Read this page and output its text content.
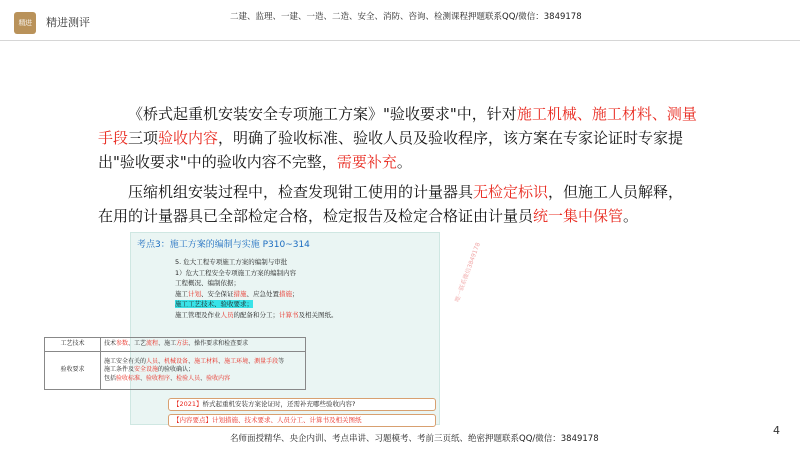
精进 精进测评	二建、监理、一建、一造、二造、安全、消防、咨询、检测课程押题联系QQ/微信：3849178
《桥式起重机安装安全专项施工方案》"验收要求"中，针对施工机械、施工材料、测量手段三项验收内容，明确了验收标准、验收人员及验收程序，该方案在专家论证时专家提出"验收要求"中的验收内容不完整，需要补充。
压缩机组安装过程中，检查发现钳工使用的计量器具无检定标识，但施工人员解释，在用的计量器具已全部检定合格，检定报告及检定合格证由计量员统一集中保管。
考点3：施工方案的编制与实施 P310~314
5. 危大工程专项施工方案的编制与审批
1）危大工程安全专项施工方案的编制内容
工程概况、编制依据；
施工计划、安全保证措施、应急处置措施；
施工工艺技术、验收要求；
施工管理及作业人员的配备和分工；计算书及相关图纸。
工艺技术	技术参数、工艺流程、施工方法、操作要求和检查要求
验收要求	施工安全有关的人员、机械设备、施工材料、施工环境、测量手段等
施工条件及安全设施的验收确认；
包括验收标准、验收程序、检验人员、验收内容
【2021】桥式起重机安装方案论证时，还需补充哪些验收内容?
【内容要点】计划措施、技术要求、人员分工、计算书及相关图纸
唯一联系微信3849178
名师面授精华、央企内训、考点串讲、习题模考、考前三页纸、绝密押题联系QQ/微信：3849178
4
